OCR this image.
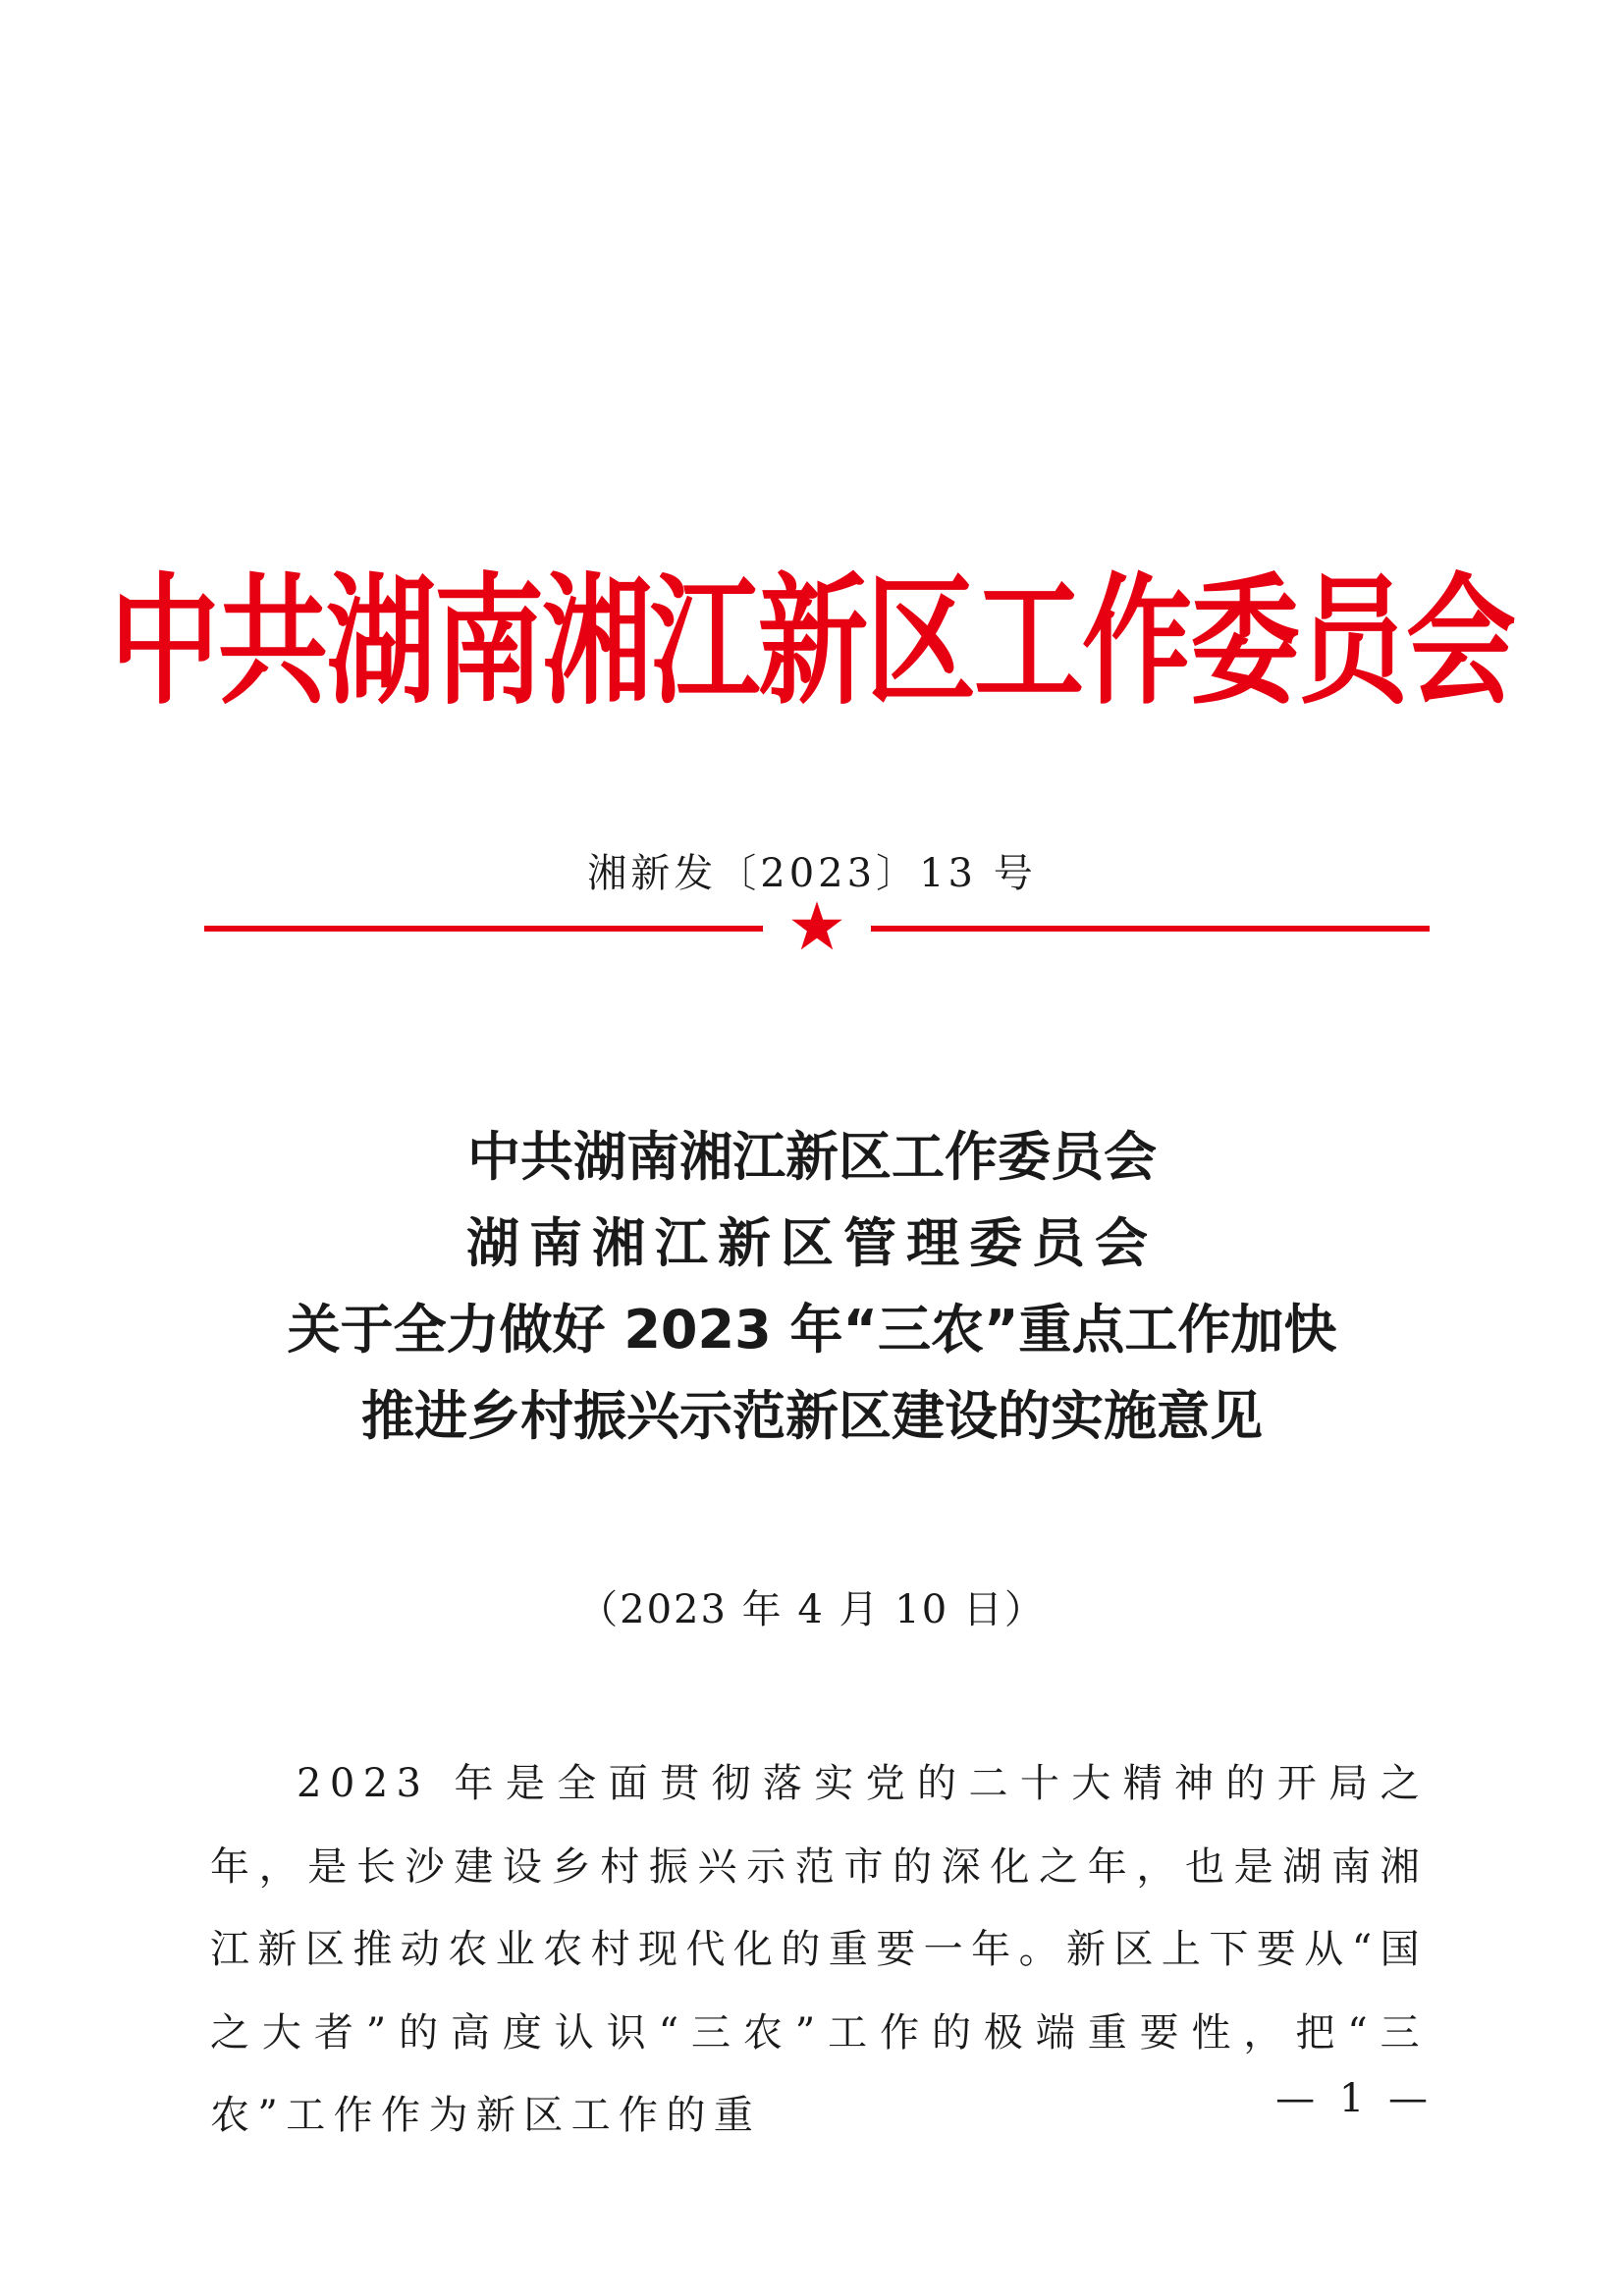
中共湖南湘江新区工作委员会
湘新发〔2023〕13 号
中共湖南湘江新区工作委员会
湖南湘江新区管理委员会
关于全力做好 2023 年“三农”重点工作加快
推进乡村振兴示范新区建设的实施意见
（2023 年 4 月 10 日）

2023 年是全面贯彻落实党的二十大精神的开局之年，是长沙建设乡村振兴示范市的深化之年，也是湖南湘江新区推动农业农村现代化的重要一年。新区上下要从“国之大者”的高度认识“三农”工作的极端重要性，把“三农”工作作为新区工作的重	— 1 —
